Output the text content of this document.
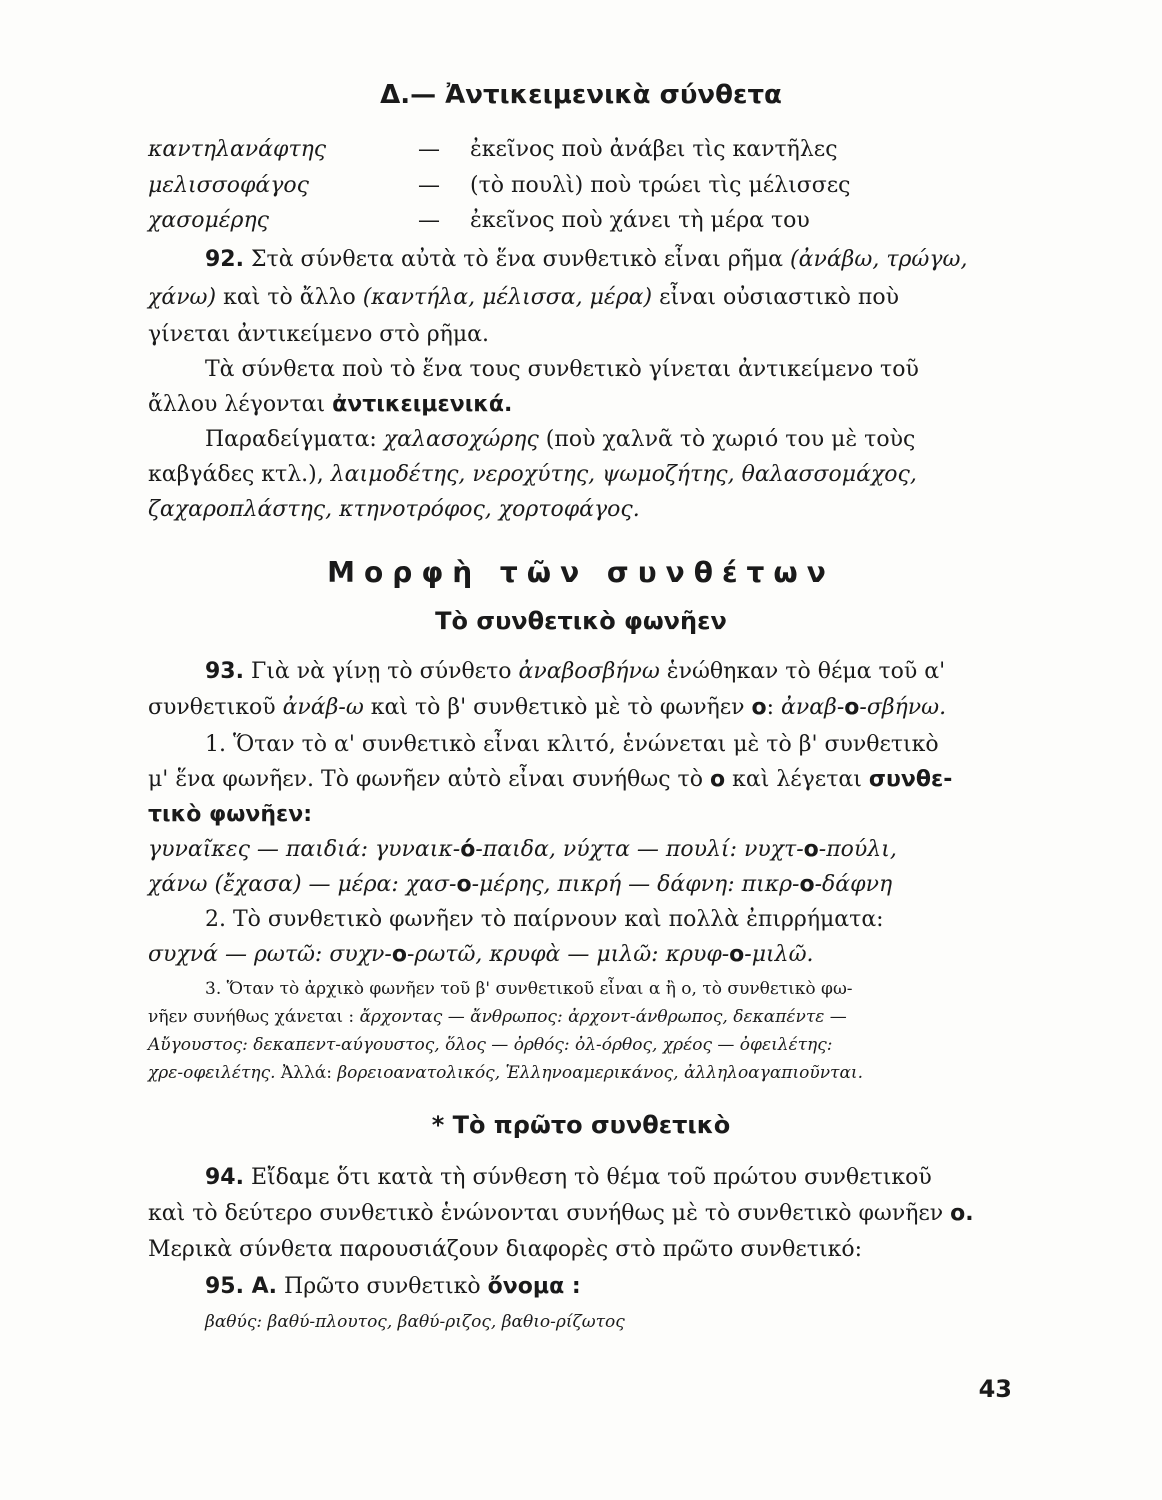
Δ.— Ἀντικειμενικὰ σύνθετα
καντηλανάφτης	— ἐκεῖνος ποὺ ἀνάβει τὶς καντῆλες
μελισσοφάγος	— (τὸ πουλὶ) ποὺ τρώει τὶς μέλισσες
χασομέρης	— ἐκεῖνος ποὺ χάνει τὴ μέρα του
92. Στὰ σύνθετα αὐτὰ τὸ ἕνα συνθετικὸ εἶναι ρῆμα (ἀνάβω, τρώγω,
χάνω) καὶ τὸ ἄλλο (καντήλα, μέλισσα, μέρα) εἶναι οὐσιαστικὸ ποὺ
γίνεται ἀντικείμενο στὸ ρῆμα.
Τὰ σύνθετα ποὺ τὸ ἕνα τους συνθετικὸ γίνεται ἀντικείμενο τοῦ
ἄλλου λέγονται ἀντικειμενικά.
Παραδείγματα: χαλασοχώρης (ποὺ χαλνᾶ τὸ χωριό του μὲ τοὺς
καβγάδες κτλ.), λαιμοδέτης, νεροχύτης, ψωμοζήτης, θαλασσομάχος,
ζαχαροπλάστης, κτηνοτρόφος, χορτοφάγος.
Μορφὴ τῶν συνθέτων
Τὸ συνθετικὸ φωνῆεν
93. Γιὰ νὰ γίνῃ τὸ σύνθετο ἀναβοσβήνω ἑνώθηκαν τὸ θέμα τοῦ α'
συνθετικοῦ ἀνάβ-ω καὶ τὸ β' συνθετικὸ μὲ τὸ φωνῆεν ο: ἀναβ-ο-σβήνω.
1. Ὅταν τὸ α' συνθετικὸ εἶναι κλιτό, ἑνώνεται μὲ τὸ β' συνθετικὸ
μ' ἕνα φωνῆεν. Τὸ φωνῆεν αὐτὸ εἶναι συνήθως τὸ ο καὶ λέγεται συνθε-
τικὸ φωνῆεν:
γυναῖκες — παιδιά: γυναικ-ό-παιδα, νύχτα — πουλί: νυχτ-ο-πούλι,
χάνω (ἔχασα) — μέρα: χασ-ο-μέρης, πικρή — δάφνη: πικρ-ο-δάφνη
2. Τὸ συνθετικὸ φωνῆεν τὸ παίρνουν καὶ πολλὰ ἐπιρρήματα:
συχνά — ρωτῶ: συχν-ο-ρωτῶ, κρυφὰ — μιλῶ: κρυφ-ο-μιλῶ.
3. Ὅταν τὸ ἀρχικὸ φωνῆεν τοῦ β' συνθετικοῦ εἶναι α ἢ ο, τὸ συνθετικὸ φω-
νῆεν συνήθως χάνεται : ἄρχοντας — ἄνθρωπος: ἀρχοντ-άνθρωπος, δεκαπέντε —
Αὔγουστος: δεκαπεντ-αύγουστος, ὅλος — ὀρθός: ὀλ-όρθος, χρέος — ὀφειλέτης:
χρε-οφειλέτης. Ἀλλά: βορειοανατολικός, Ἑλληνοαμερικάνος, ἀλληλοαγαπιοῦνται.
* Τὸ πρῶτο συνθετικὸ
94. Εἴδαμε ὅτι κατὰ τὴ σύνθεση τὸ θέμα τοῦ πρώτου συνθετικοῦ
καὶ τὸ δεύτερο συνθετικὸ ἑνώνονται συνήθως μὲ τὸ συνθετικὸ φωνῆεν ο.
Μερικὰ σύνθετα παρουσιάζουν διαφορὲς στὸ πρῶτο συνθετικό:
95. Α. Πρῶτο συνθετικὸ ὄνομα :
βαθύς: βαθύ-πλουτος, βαθύ-ριζος, βαθιο-ρίζωτος
43
